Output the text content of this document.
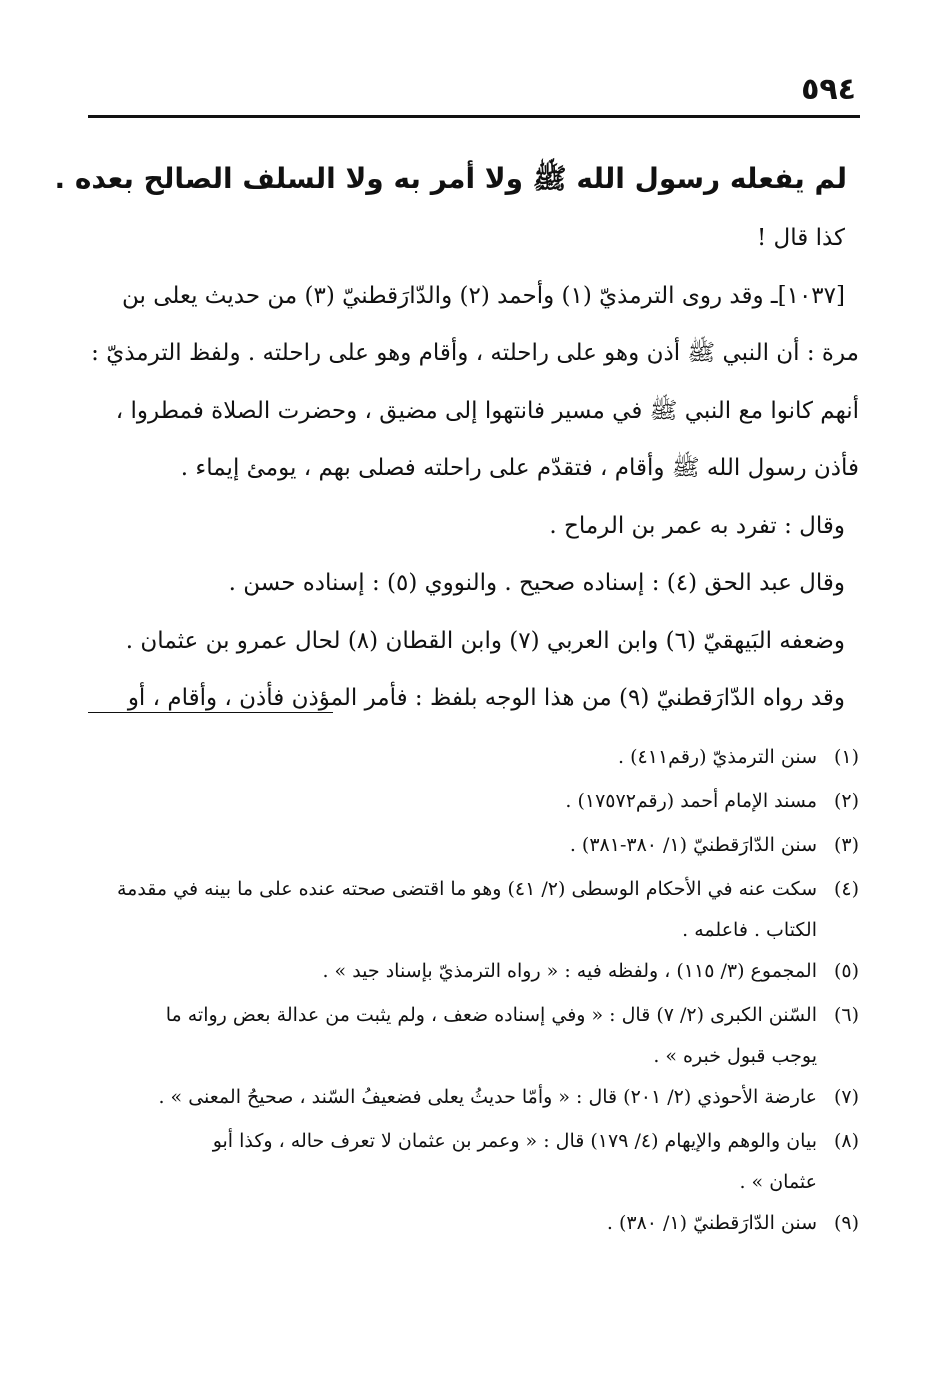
٥٩٤

لم يفعله رسول الله ﷺ ولا أمر به ولا السلف الصالح بعده .

كذا قال !

[١٠٣٧]ـ وقد روى الترمذيّ (١) وأحمد (٢) والدّارَقطنيّ (٣) من حديث يعلى بن

مرة : أن النبي ﷺ أذن وهو على راحلته ، وأقام وهو على راحلته . ولفظ الترمذيّ :

أنهم كانوا مع النبي ﷺ في مسير فانتهوا إلى مضيق ، وحضرت الصلاة فمطروا ،

فأذن رسول الله ﷺ وأقام ، فتقدّم على راحلته فصلى بهم ، يومئ إيماء .

وقال : تفرد به عمر بن الرماح .

وقال عبد الحق (٤) : إسناده صحيح . والنووي (٥) : إسناده حسن .

وضعفه البَيهقيّ (٦) وابن العربي (٧) وابن القطان (٨) لحال عمرو بن عثمان .

وقد رواه الدّارَقطنيّ (٩) من هذا الوجه بلفظ : فأمر المؤذن فأذن ، وأقام ، أو

(١)
سنن الترمذيّ (رقم٤١١) .
(٢)
مسند الإمام أحمد (رقم١٧٥٧٢) .
(٣)
سنن الدّارَقطنيّ (١/ ٣٨٠-٣٨١) .
(٤)
سكت عنه في الأحكام الوسطى (٢/ ٤١) وهو ما اقتضى صحته عنده على ما بينه في مقدمة
الكتاب . فاعلمه .
(٥)
المجموع (٣/ ١١٥) ، ولفظه فيه : « رواه الترمذيّ بإسناد جيد » .
(٦)
السّنن الكبرى (٢/ ٧) قال : « وفي إسناده ضعف ، ولم يثبت من عدالة بعض رواته ما
يوجب قبول خبره » .
(٧)
عارضة الأحوذي (٢/ ٢٠١) قال : « وأمّا حديثُ يعلى فضعيفُ السّند ، صحيحُ المعنى » .
(٨)
بيان والوهم والإيهام (٤/ ١٧٩) قال : « وعمر بن عثمان لا تعرف حاله ، وكذا أبو
عثمان » .
(٩)
سنن الدّارَقطنيّ (١/ ٣٨٠) .
